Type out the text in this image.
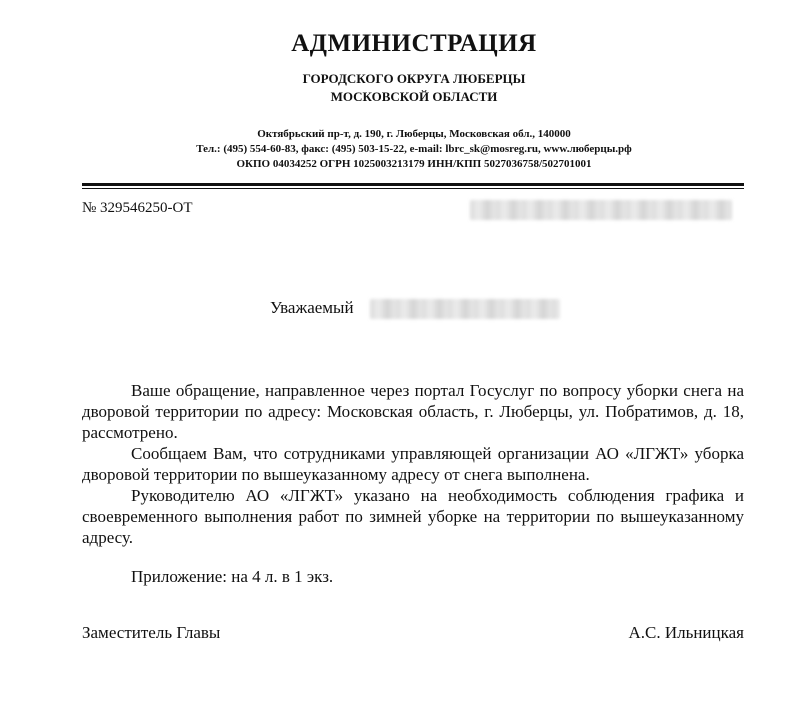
АДМИНИСТРАЦИЯ
ГОРОДСКОГО ОКРУГА ЛЮБЕРЦЫ
МОСКОВСКОЙ ОБЛАСТИ
Октябрьский пр-т, д. 190, г. Люберцы, Московская обл., 140000
Тел.: (495) 554-60-83, факс: (495) 503-15-22, e-mail: lbrc_sk@mosreg.ru, www.люберцы.рф
ОКПО 04034252 ОГРН 1025003213179 ИНН/КПП 5027036758/502701001
№ 329546250-ОТ
Уважаемый

Ваше обращение, направленное через портал Госуслуг по вопросу уборки снега на дворовой территории по адресу: Московская область, г. Люберцы, ул. Побратимов, д. 18, рассмотрено.

Сообщаем Вам, что сотрудниками управляющей организации АО «ЛГЖТ» уборка дворовой территории по вышеуказанному адресу от снега выполнена.

Руководителю АО «ЛГЖТ» указано на необходимость соблюдения графика и своевременного выполнения работ по зимней уборке на территории по вышеуказанному адресу.

Приложение: на 4 л. в 1 экз.
Заместитель Главы	А.С. Ильницкая
